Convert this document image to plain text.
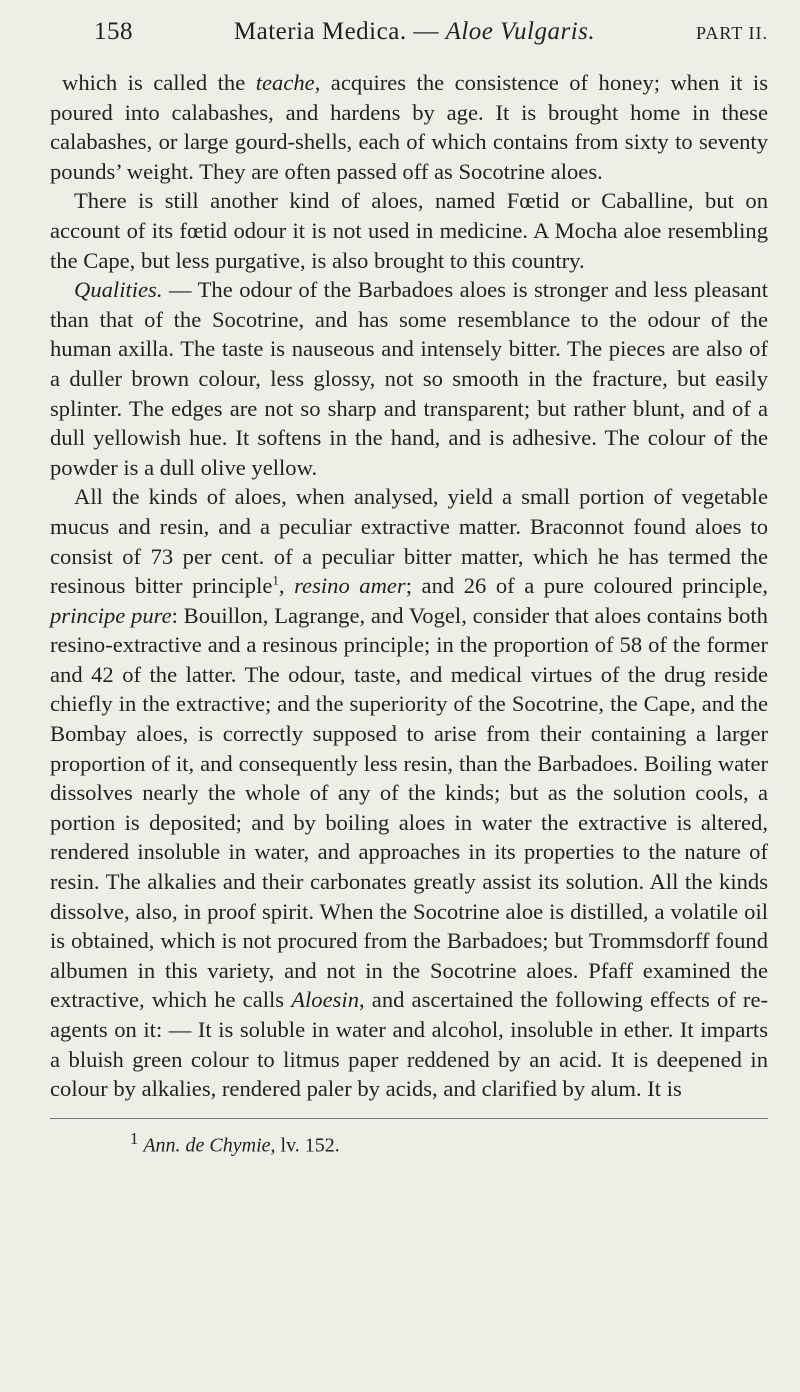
158	Materia Medica. — Aloe Vulgaris.	PART II.

which is called the teache, acquires the consistence of honey; when it is poured into calabashes, and hardens by age. It is brought home in these calabashes, or large gourd-shells, each of which contains from sixty to seventy pounds’ weight. They are often passed off as Socotrine aloes.

There is still another kind of aloes, named Fœtid or Caballine, but on account of its fœtid odour it is not used in medicine. A Mocha aloe resembling the Cape, but less purgative, is also brought to this country.

Qualities. — The odour of the Barbadoes aloes is stronger and less pleasant than that of the Socotrine, and has some resemblance to the odour of the human axilla. The taste is nauseous and intensely bitter. The pieces are also of a duller brown colour, less glossy, not so smooth in the fracture, but easily splinter. The edges are not so sharp and transparent; but rather blunt, and of a dull yellowish hue. It softens in the hand, and is adhesive. The colour of the powder is a dull olive yellow.

All the kinds of aloes, when analysed, yield a small portion of vegetable mucus and resin, and a peculiar extractive matter. Braconnot found aloes to consist of 73 per cent. of a peculiar bitter matter, which he has termed the resinous bitter principle$^1$, resino amer; and 26 of a pure coloured principle, principe pure: Bouillon, Lagrange, and Vogel, consider that aloes contains both resino-extractive and a resinous principle; in the proportion of 58 of the former and 42 of the latter. The odour, taste, and medical virtues of the drug reside chiefly in the extractive; and the superiority of the Socotrine, the Cape, and the Bombay aloes, is correctly supposed to arise from their containing a larger proportion of it, and consequently less resin, than the Barbadoes. Boiling water dissolves nearly the whole of any of the kinds; but as the solution cools, a portion is deposited; and by boiling aloes in water the extractive is altered, rendered insoluble in water, and approaches in its properties to the nature of resin. The alkalies and their carbonates greatly assist its solution. All the kinds dissolve, also, in proof spirit. When the Socotrine aloe is distilled, a volatile oil is obtained, which is not procured from the Barbadoes; but Trommsdorff found albumen in this variety, and not in the Socotrine aloes. Pfaff examined the extractive, which he calls Aloesin, and ascertained the following effects of re-agents on it: — It is soluble in water and alcohol, insoluble in ether. It imparts a bluish green colour to litmus paper reddened by an acid. It is deepened in colour by alkalies, rendered paler by acids, and clarified by alum. It is

$^1$ Ann. de Chymie, lv. 152.
